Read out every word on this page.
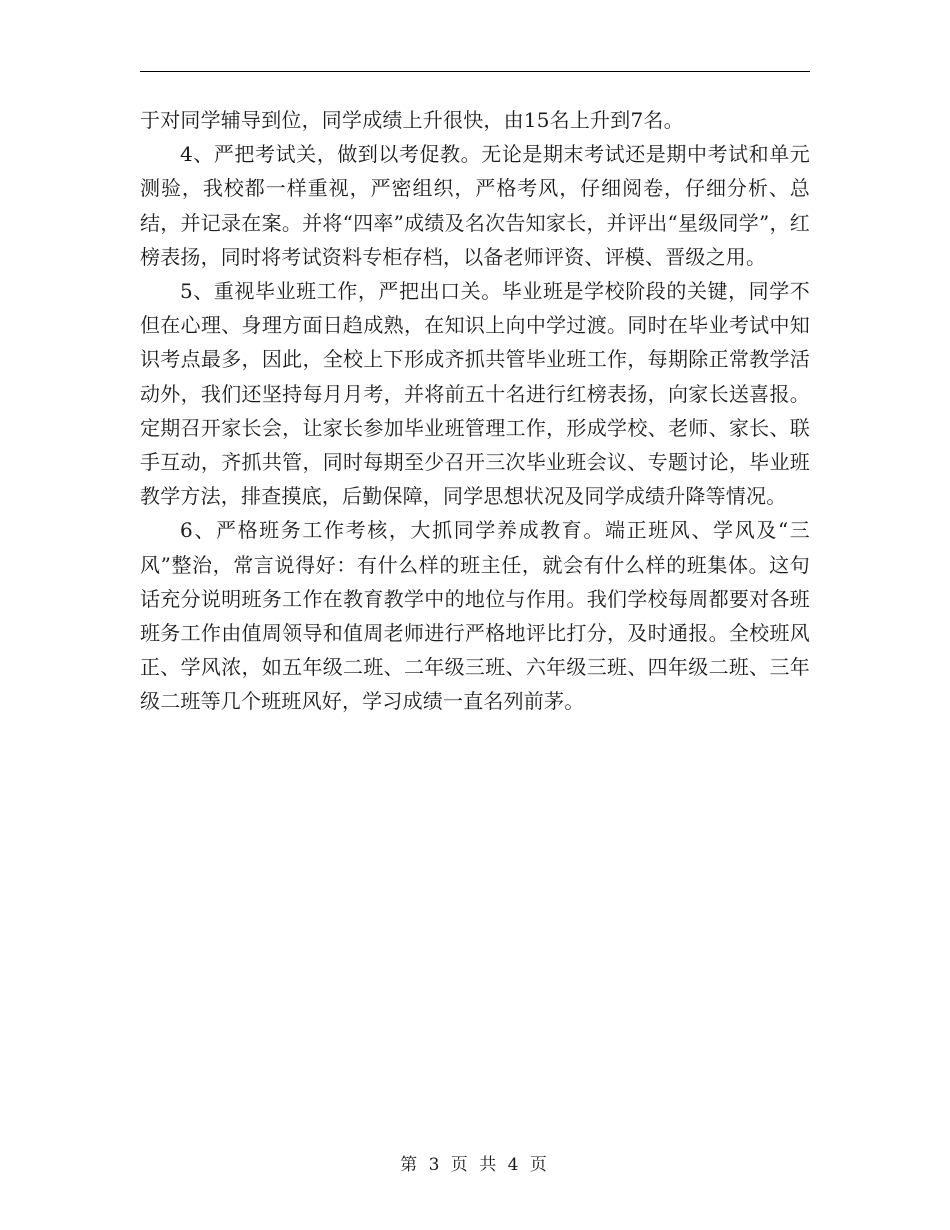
于对同学辅导到位，同学成绩上升很快，由15名上升到7名。

4、严把考试关，做到以考促教。无论是期末考试还是期中考试和单元测验，我校都一样重视，严密组织，严格考风，仔细阅卷，仔细分析、总结，并记录在案。并将“四率”成绩及名次告知家长，并评出“星级同学”，红榜表扬，同时将考试资料专柜存档，以备老师评资、评模、晋级之用。

5、重视毕业班工作，严把出口关。毕业班是学校阶段的关键，同学不但在心理、身理方面日趋成熟，在知识上向中学过渡。同时在毕业考试中知识考点最多，因此，全校上下形成齐抓共管毕业班工作，每期除正常教学活动外，我们还坚持每月月考，并将前五十名进行红榜表扬，向家长送喜报。定期召开家长会，让家长参加毕业班管理工作，形成学校、老师、家长、联手互动，齐抓共管，同时每期至少召开三次毕业班会议、专题讨论，毕业班教学方法，排查摸底，后勤保障，同学思想状况及同学成绩升降等情况。

6、严格班务工作考核，大抓同学养成教育。端正班风、学风及“三风”整治，常言说得好：有什么样的班主任，就会有什么样的班集体。这句话充分说明班务工作在教育教学中的地位与作用。我们学校每周都要对各班班务工作由值周领导和值周老师进行严格地评比打分，及时通报。全校班风正、学风浓，如五年级二班、二年级三班、六年级三班、四年级二班、三年级二班等几个班班风好，学习成绩一直名列前茅。

第 3 页 共 4 页
